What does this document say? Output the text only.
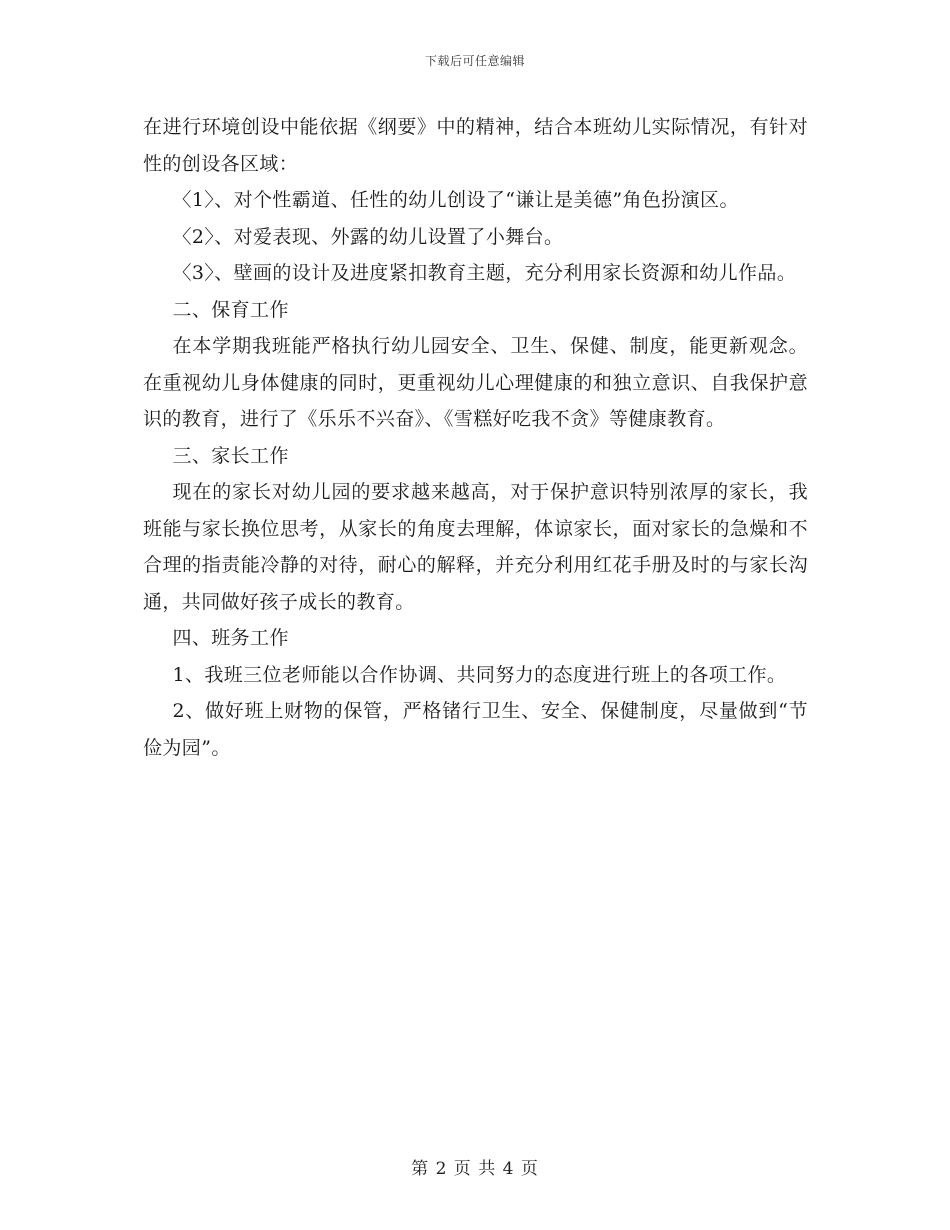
下载后可任意编辑

在进行环境创设中能依据《纲要》中的精神，结合本班幼儿实际情况，有针对性的创设各区域：

〈1〉、对个性霸道、任性的幼儿创设了“谦让是美德”角色扮演区。

〈2〉、对爱表现、外露的幼儿设置了小舞台。

〈3〉、壁画的设计及进度紧扣教育主题，充分利用家长资源和幼儿作品。

二、保育工作

在本学期我班能严格执行幼儿园安全、卫生、保健、制度，能更新观念。在重视幼儿身体健康的同时，更重视幼儿心理健康的和独立意识、自我保护意识的教育，进行了《乐乐不兴奋》、《雪糕好吃我不贪》等健康教育。

三、家长工作

现在的家长对幼儿园的要求越来越高，对于保护意识特别浓厚的家长，我班能与家长换位思考，从家长的角度去理解，体谅家长，面对家长的急燥和不合理的指责能冷静的对待，耐心的解释，并充分利用红花手册及时的与家长沟通，共同做好孩子成长的教育。

四、班务工作

1、我班三位老师能以合作协调、共同努力的态度进行班上的各项工作。

2、做好班上财物的保管，严格锗行卫生、安全、保健制度，尽量做到“节俭为园”。

第 2 页 共 4 页
